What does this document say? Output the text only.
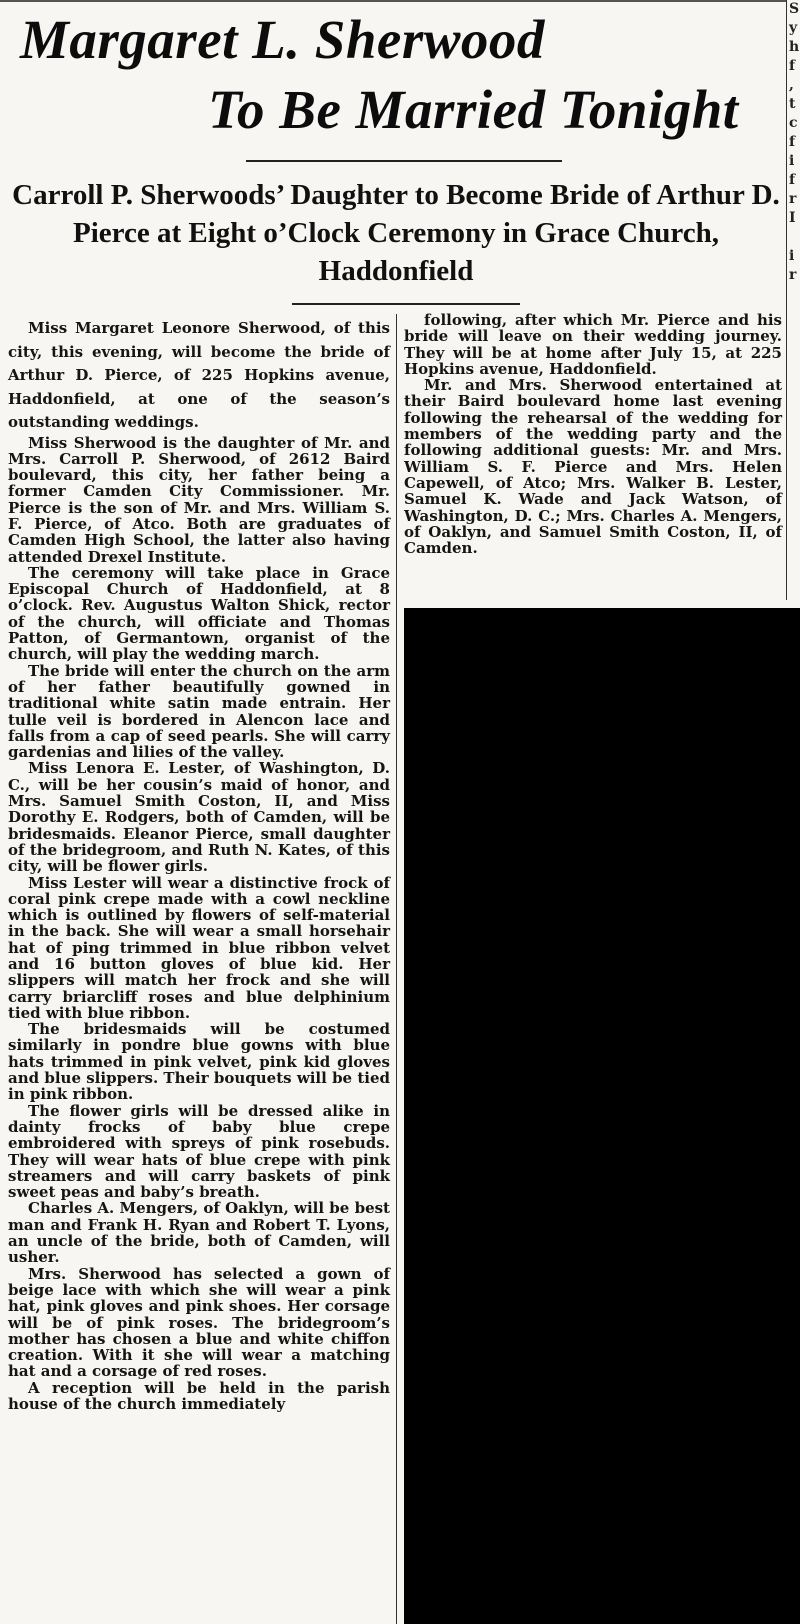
Margaret L. Sherwood
To Be Married Tonight
Carroll P. Sherwoods’ Daughter to Become Bride of Arthur D. Pierce at Eight o’Clock Ceremony in Grace Church, Haddonfield

Miss Margaret Leonore Sherwood, of this city, this evening, will become the bride of Arthur D. Pierce, of 225 Hopkins avenue, Haddonfield, at one of the season’s outstanding weddings.

Miss Sherwood is the daughter of Mr. and Mrs. Carroll P. Sherwood, of 2612 Baird boulevard, this city, her father being a former Camden City Commissioner. Mr. Pierce is the son of Mr. and Mrs. William S. F. Pierce, of Atco. Both are graduates of Camden High School, the latter also having attended Drexel Institute.

The ceremony will take place in Grace Episcopal Church of Haddonfield, at 8 o’clock. Rev. Augustus Walton Shick, rector of the church, will officiate and Thomas Patton, of Germantown, organist of the church, will play the wedding march.

The bride will enter the church on the arm of her father beautifully gowned in traditional white satin made entrain. Her tulle veil is bordered in Alencon lace and falls from a cap of seed pearls. She will carry gardenias and lilies of the valley.

Miss Lenora E. Lester, of Washington, D. C., will be her cousin’s maid of honor, and Mrs. Samuel Smith Coston, II, and Miss Dorothy E. Rodgers, both of Camden, will be bridesmaids. Eleanor Pierce, small daughter of the bridegroom, and Ruth N. Kates, of this city, will be flower girls.

Miss Lester will wear a distinctive frock of coral pink crepe made with a cowl neckline which is outlined by flowers of self-material in the back. She will wear a small horsehair hat of ping trimmed in blue ribbon velvet and 16 button gloves of blue kid. Her slippers will match her frock and she will carry briarcliff roses and blue delphinium tied with blue ribbon.

The bridesmaids will be costumed similarly in pondre blue gowns with blue hats trimmed in pink velvet, pink kid gloves and blue slippers. Their bouquets will be tied in pink ribbon.

The flower girls will be dressed alike in dainty frocks of baby blue crepe embroidered with spreys of pink rosebuds. They will wear hats of blue crepe with pink streamers and will carry baskets of pink sweet peas and baby’s breath.

Charles A. Mengers, of Oaklyn, will be best man and Frank H. Ryan and Robert T. Lyons, an uncle of the bride, both of Camden, will usher.

Mrs. Sherwood has selected a gown of beige lace with which she will wear a pink hat, pink gloves and pink shoes. Her corsage will be of pink roses. The bridegroom’s mother has chosen a blue and white chiffon creation. With it she will wear a matching hat and a corsage of red roses.

A reception will be held in the parish house of the church immediately

following, after which Mr. Pierce and his bride will leave on their wedding journey. They will be at home after July 15, at 225 Hopkins avenue, Haddonfield.

Mr. and Mrs. Sherwood entertained at their Baird boulevard home last evening following the rehearsal of the wedding for members of the wedding party and the following additional guests: Mr. and Mrs. William S. F. Pierce and Mrs. Helen Capewell, of Atco; Mrs. Walker B. Lester, Samuel K. Wade and Jack Watson, of Washington, D. C.; Mrs. Charles A. Mengers, of Oaklyn, and Samuel Smith Coston, II, of Camden.

S
y
h
f
,
t
c
f
i
f
r
I

i
r
